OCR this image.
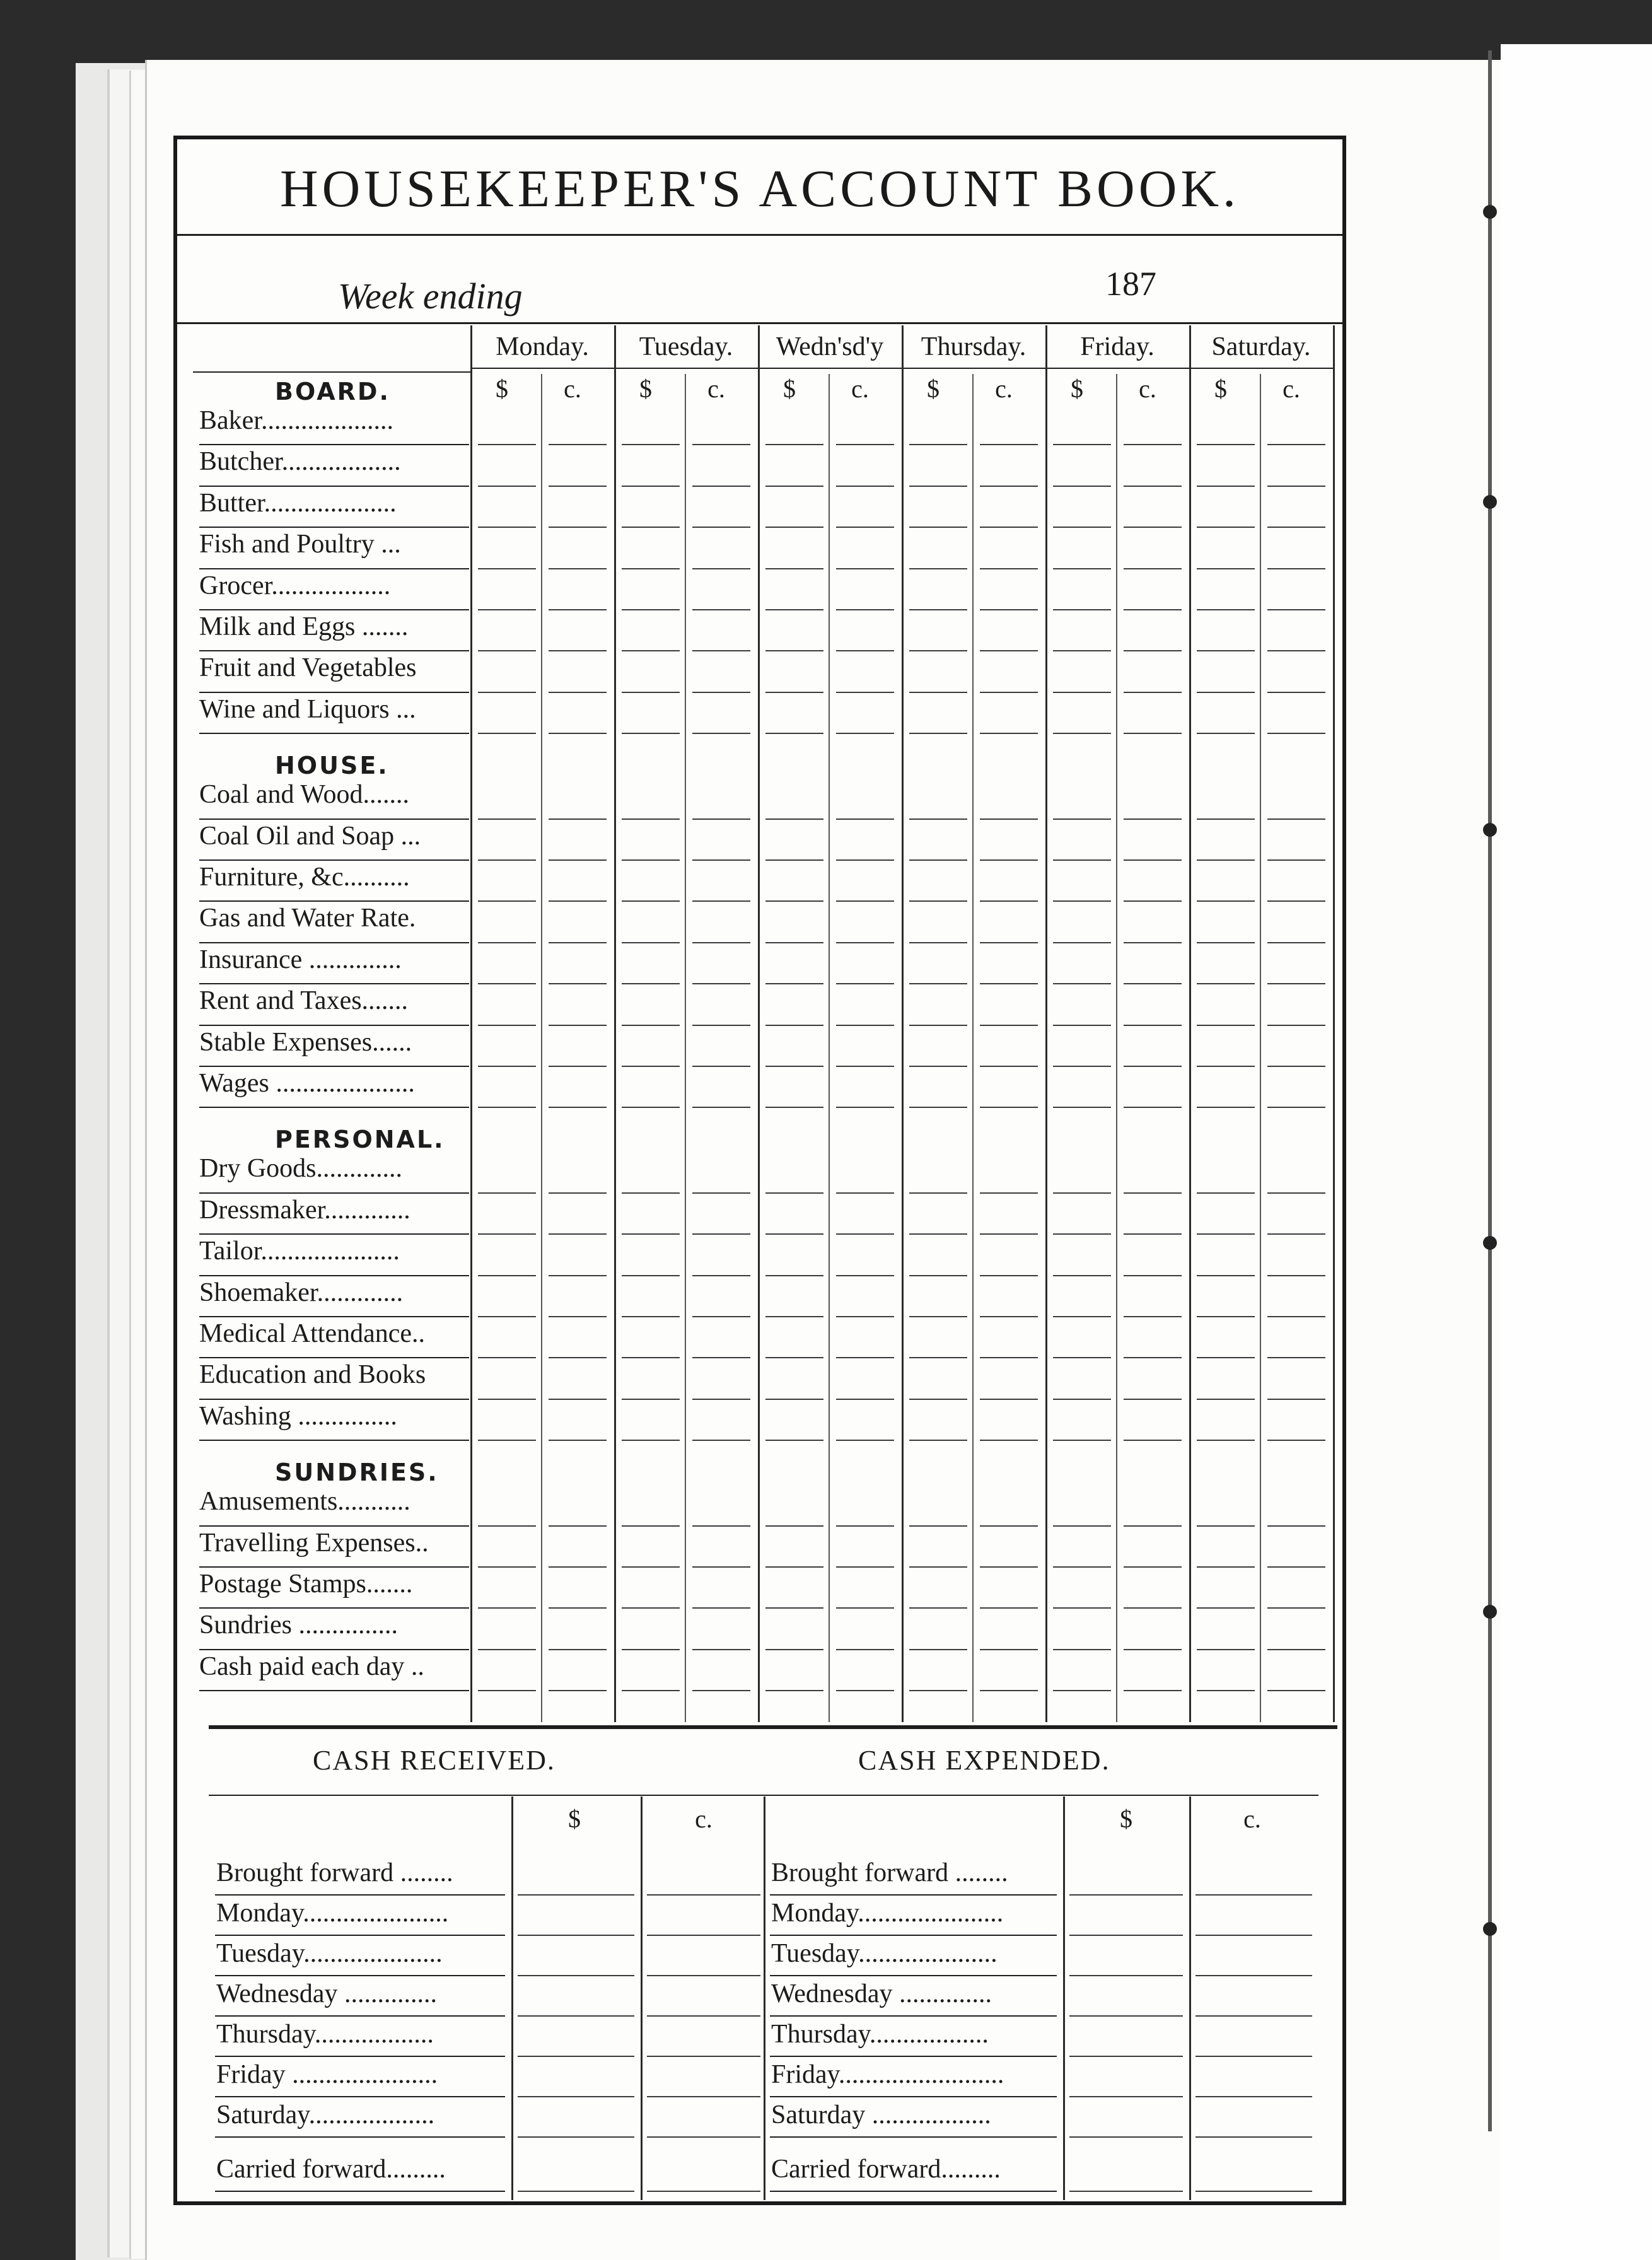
HOUSEKEEPER'S ACCOUNT BOOK.
Week ending	187
Monday.
$	c.
Tuesday.
$	c.
Wedn'sd'y
$	c.
Thursday.
$	c.
Friday.
$	c.
Saturday.
$	c.
BOARD.
Baker....................
Butcher..................
Butter....................
Fish and Poultry ...
Grocer..................
Milk and Eggs .......
Fruit and Vegetables
Wine and Liquors ...
HOUSE.
Coal and Wood.......
Coal Oil and Soap ...
Furniture, &c..........
Gas and Water Rate.
Insurance ..............
Rent and Taxes.......
Stable Expenses......
Wages .....................
PERSONAL.
Dry Goods.............
Dressmaker.............
Tailor.....................
Shoemaker.............
Medical Attendance..
Education and Books
Washing ...............
SUNDRIES.
Amusements...........
Travelling Expenses..
Postage Stamps.......
Sundries ...............
Cash paid each day ..
CASH RECEIVED.
$	c.
Brought forward ........
Monday......................
Tuesday.....................
Wednesday ..............
Thursday..................
Friday ......................
Saturday...................
Carried forward.........
CASH EXPENDED.
$	c.
Brought forward ........
Monday......................
Tuesday.....................
Wednesday ..............
Thursday..................
Friday.........................
Saturday ..................
Carried forward.........
